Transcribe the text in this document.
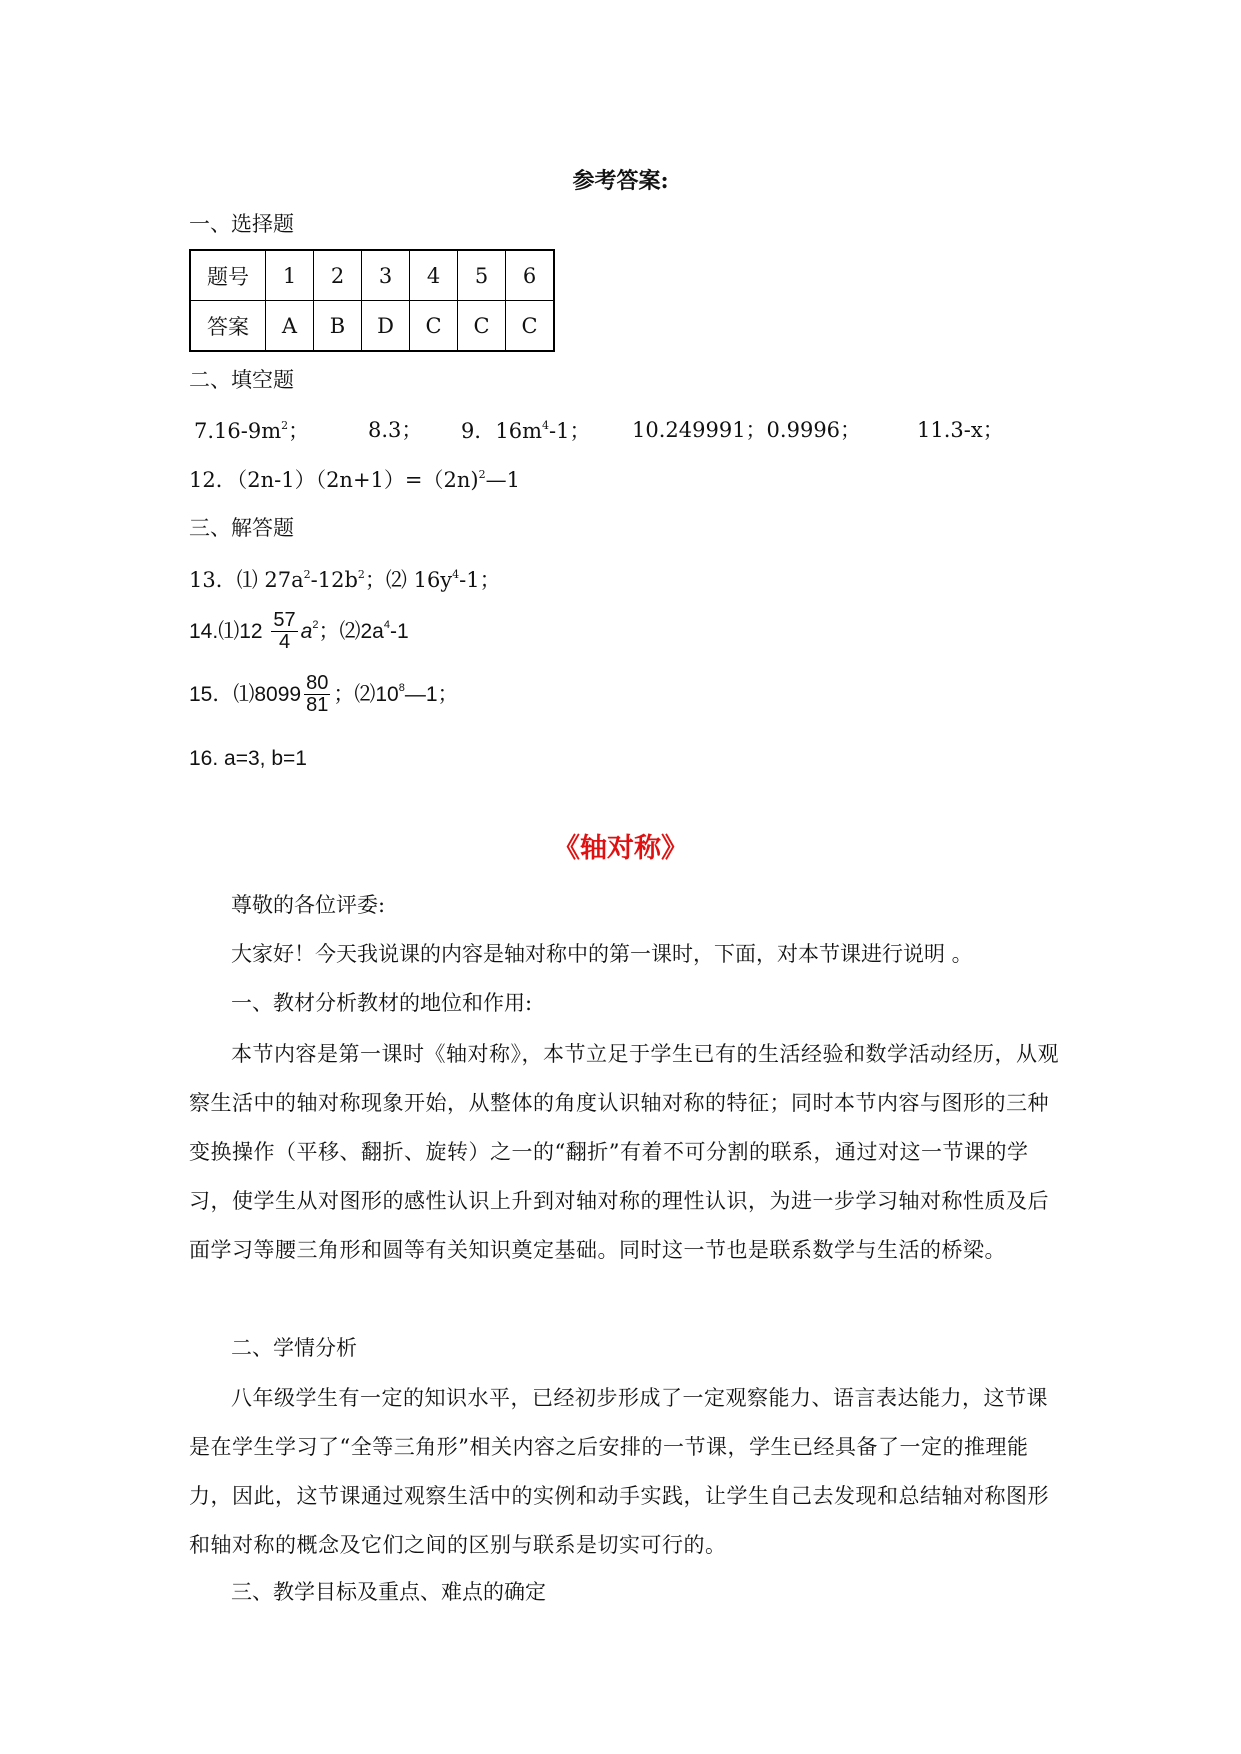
参考答案:
一、选择题
题号	1	2	3	4	5	6
答案	A	B	D	C	C	C
二、填空题
$7.16-9m^2$；	8.3； 9．$16m^4-1$； 10.249991；0.9996；	11.3-x；
12．（2n-1）（2n+1）=（2n)$^2$—1
三、解答题
13．⑴ $27a^2-12b^2$；⑵ $16y^4-1$；
14.⑴12 $\frac{57}{4} a^2$；$⑵2a^4-1$
15．⑴8099 $\frac{80}{81}$ ；$⑵10^8—1$；
16. a=3, b=1
《轴对称》
尊敬的各位评委:
大家好！今天我说课的内容是轴对称中的第一课时，下面，对本节课进行说明 。
一、教材分析教材的地位和作用:
本节内容是第一课时《轴对称》，本节立足于学生已有的生活经验和数学活动经历，从观察生活中的轴对称现象开始，从整体的角度认识轴对称的特征；同时本节内容与图形的三种变换操作（平移、翻折、旋转）之一的“翻折”有着不可分割的联系，通过对这一节课的学习，使学生从对图形的感性认识上升到对轴对称的理性认识，为进一步学习轴对称性质及后面学习等腰三角形和圆等有关知识奠定基础。同时这一节也是联系数学与生活的桥梁。
二、学情分析
八年级学生有一定的知识水平，已经初步形成了一定观察能力、语言表达能力，这节课是在学生学习了“全等三角形”相关内容之后安排的一节课，学生已经具备了一定的推理能力，因此，这节课通过观察生活中的实例和动手实践，让学生自己去发现和总结轴对称图形和轴对称的概念及它们之间的区别与联系是切实可行的。
三、教学目标及重点、难点的确定
